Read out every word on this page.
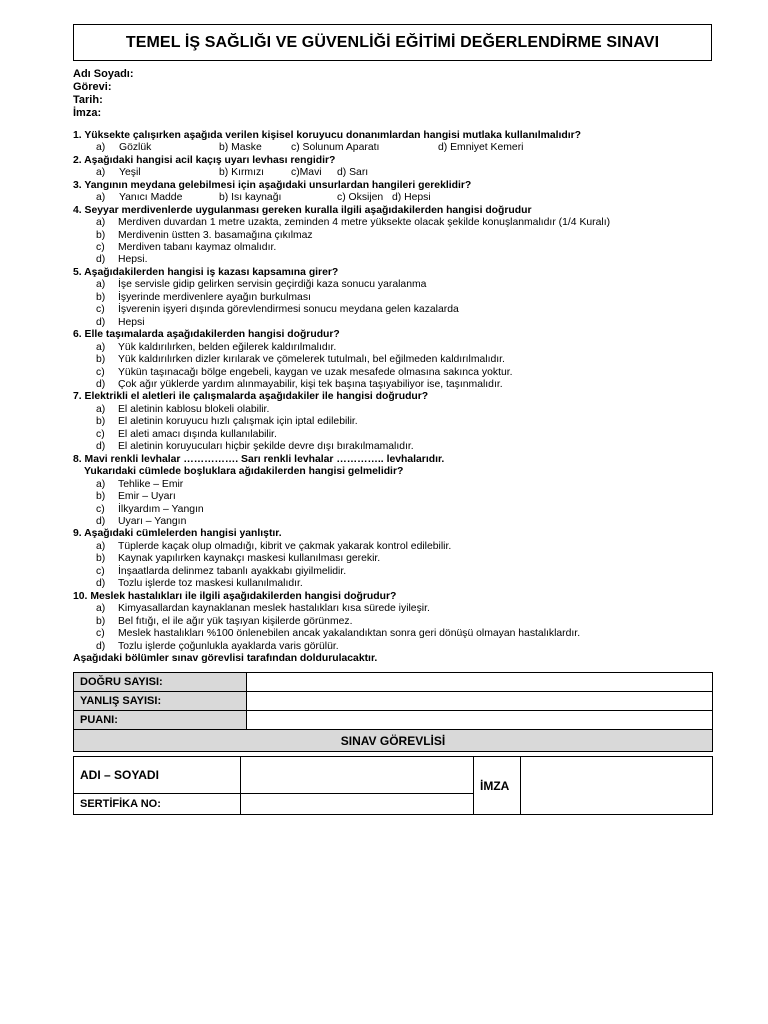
TEMEL İŞ SAĞLIĞI VE GÜVENLİĞİ EĞİTİMİ DEĞERLENDİRME SINAVI
Adı Soyadı:
Görevi:
Tarih:
İmza:
1. Yüksekte çalışırken aşağıda verilen kişisel koruyucu donanımlardan hangisi mutlaka kullanılmalıdır?
a) Gözlük	b) Maske	c) Solunum Aparatı	d) Emniyet Kemeri
2. Aşağıdaki hangisi acil kaçış uyarı levhası rengidir?
a) Yeşil	b) Kırmızı	c)Mavi d) Sarı
3. Yangının meydana gelebilmesi için aşağıdaki unsurlardan hangileri gereklidir?
a) Yanıcı Madde	b) Isı kaynağı	c) Oksijen d) Hepsi
4. Seyyar merdivenlerde uygulanması gereken kuralla ilgili aşağıdakilerden hangisi doğrudur
a)	Merdiven duvardan 1 metre uzakta, zeminden 4 metre yüksekte olacak şekilde konuşlanmalıdır (1/4 Kuralı)
b)	Merdivenin üstten 3. basamağına çıkılmaz
c)	Merdiven tabanı kaymaz olmalıdır.
d)	Hepsi.
5. Aşağıdakilerden hangisi iş kazası kapsamına girer?
a)	İşe servisle gidip gelirken servisin geçirdiği kaza sonucu yaralanma
b)	İşyerinde merdivenlere ayağın burkulması
c)	İşverenin işyeri dışında görevlendirmesi sonucu meydana gelen kazalarda
d)	Hepsi
6. Elle taşımalarda aşağıdakilerden hangisi doğrudur?
a)	Yük kaldırılırken, belden eğilerek kaldırılmalıdır.
b)	Yük kaldırılırken dizler kırılarak ve çömelerek tutulmalı, bel eğilmeden kaldırılmalıdır.
c)	Yükün taşınacağı bölge engebeli, kaygan ve uzak mesafede olmasına sakınca yoktur.
d)	Çok ağır yüklerde yardım alınmayabilir, kişi tek başına taşıyabiliyor ise, taşınmalıdır.
7. Elektrikli el aletleri ile çalışmalarda aşağıdakiler ile hangisi doğrudur?
a)	El aletinin kablosu blokeli olabilir.
b)	El aletinin koruyucu hızlı çalışmak için iptal edilebilir.
c)	El aleti amacı dışında kullanılabilir.
d)	El aletinin koruyucuları hiçbir şekilde devre dışı bırakılmamalıdır.
8. Mavi renkli levhalar ……………. Sarı renkli levhalar ………….. levhalarıdır.
Yukarıdaki cümlede boşluklara ağıdakilerden hangisi gelmelidir?
a)	Tehlike – Emir
b)	Emir – Uyarı
c)	İlkyardım – Yangın
d)	Uyarı – Yangın
9. Aşağıdaki cümlelerden hangisi yanlıştır.
a)	Tüplerde kaçak olup olmadığı, kibrit ve çakmak yakarak kontrol edilebilir.
b)	Kaynak yapılırken kaynakçı maskesi kullanılması gerekir.
c)	İnşaatlarda delinmez tabanlı ayakkabı giyilmelidir.
d)	Tozlu işlerde toz maskesi kullanılmalıdır.
10. Meslek hastalıkları ile ilgili aşağıdakilerden hangisi doğrudur?
a)	Kimyasallardan kaynaklanan meslek hastalıkları kısa sürede iyileşir.
b)	Bel fıtığı, el ile ağır yük taşıyan kişilerde görünmez.
c)	Meslek hastalıkları %100 önlenebilen ancak yakalandıktan sonra geri dönüşü olmayan hastalıklardır.
d)	Tozlu işlerde çoğunlukla ayaklarda varis görülür.
Aşağıdaki bölümler sınav görevlisi tarafından doldurulacaktır.
DOĞRU SAYISI:	
YANLIŞ SAYISI:	
PUANI:	
SINAV GÖREVLİSİ	
ADI – SOYADI		İMZA	
SERTİFİKA NO:			
